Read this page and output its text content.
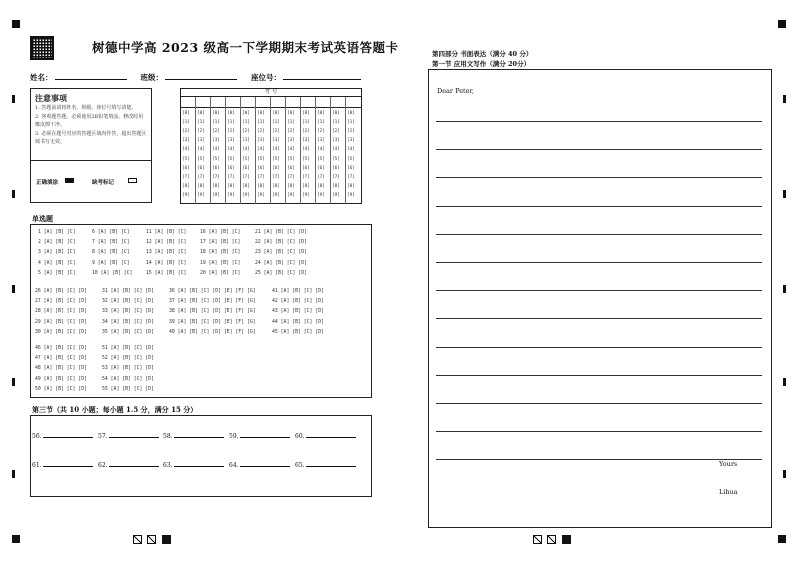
树德中学高 2023 级高一下学期期末考试英语答题卡
姓名：	班级：	座位号：
注意事项
1. 答题前请将姓名、班级、座位号填写清楚。
2. 客观题答题，必须使用2B铅笔填涂，修改时用橡皮擦干净。
3. 必须在题号对应的答题区域内作答，超出答题区域书写无效。
正确填涂	缺考标记
考 号
[0]
[1]
[2]
[3]
[4]
[5]
[6]
[7]
[8]
[9]
[0]
[1]
[2]
[3]
[4]
[5]
[6]
[7]
[8]
[9]
[0]
[1]
[2]
[3]
[4]
[5]
[6]
[7]
[8]
[9]
[0]
[1]
[2]
[3]
[4]
[5]
[6]
[7]
[8]
[9]
[0]
[1]
[2]
[3]
[4]
[5]
[6]
[7]
[8]
[9]
[0]
[1]
[2]
[3]
[4]
[5]
[6]
[7]
[8]
[9]
[0]
[1]
[2]
[3]
[4]
[5]
[6]
[7]
[8]
[9]
[0]
[1]
[2]
[3]
[4]
[5]
[6]
[7]
[8]
[9]
[0]
[1]
[2]
[3]
[4]
[5]
[6]
[7]
[8]
[9]
[0]
[1]
[2]
[3]
[4]
[5]
[6]
[7]
[8]
[9]
[0]
[1]
[2]
[3]
[4]
[5]
[6]
[7]
[8]
[9]
[0]
[1]
[2]
[3]
[4]
[5]
[6]
[7]
[8]
[9]
单选题
1 [A] [B] [C]	6 [A] [B] [C]	11 [A] [B] [C]	16 [A] [B] [C]	21 [A] [B] [C] [D]
2 [A] [B] [C]	7 [A] [B] [C]	12 [A] [B] [C]	17 [A] [B] [C]	22 [A] [B] [C] [D]
3 [A] [B] [C]	8 [A] [B] [C]	13 [A] [B] [C]	18 [A] [B] [C]	23 [A] [B] [C] [D]
4 [A] [B] [C]	9 [A] [B] [C]	14 [A] [B] [C]	19 [A] [B] [C]	24 [A] [B] [C] [D]
5 [A] [B] [C]	10 [A] [B] [C]	15 [A] [B] [C]	20 [A] [B] [C]	25 [A] [B] [C] [D]
26 [A] [B] [C] [D]	31 [A] [B] [C] [D]	36 [A] [B] [C] [D] [E] [F] [G]	41 [A] [B] [C] [D]
27 [A] [B] [C] [D]	32 [A] [B] [C] [D]	37 [A] [B] [C] [D] [E] [F] [G]	42 [A] [B] [C] [D]
28 [A] [B] [C] [D]	33 [A] [B] [C] [D]	38 [A] [B] [C] [D] [E] [F] [G]	43 [A] [B] [C] [D]
29 [A] [B] [C] [D]	34 [A] [B] [C] [D]	39 [A] [B] [C] [D] [E] [F] [G]	44 [A] [B] [C] [D]
30 [A] [B] [C] [D]	35 [A] [B] [C] [D]	40 [A] [B] [C] [D] [E] [F] [G]	45 [A] [B] [C] [D]
46 [A] [B] [C] [D]	51 [A] [B] [C] [D]
47 [A] [B] [C] [D]	52 [A] [B] [C] [D]
48 [A] [B] [C] [D]	53 [A] [B] [C] [D]
49 [A] [B] [C] [D]	54 [A] [B] [C] [D]
50 [A] [B] [C] [D]	55 [A] [B] [C] [D]
第三节（共 10 小题；每小题 1.5 分，满分 15 分）
56.	57.	58.	59.	60.
61.	62.	63.	64.	65.
第四部分 书面表达（满分 40 分）
第一节 应用文写作（满分 20分）
Dear Peter,
Yours
Lihua
